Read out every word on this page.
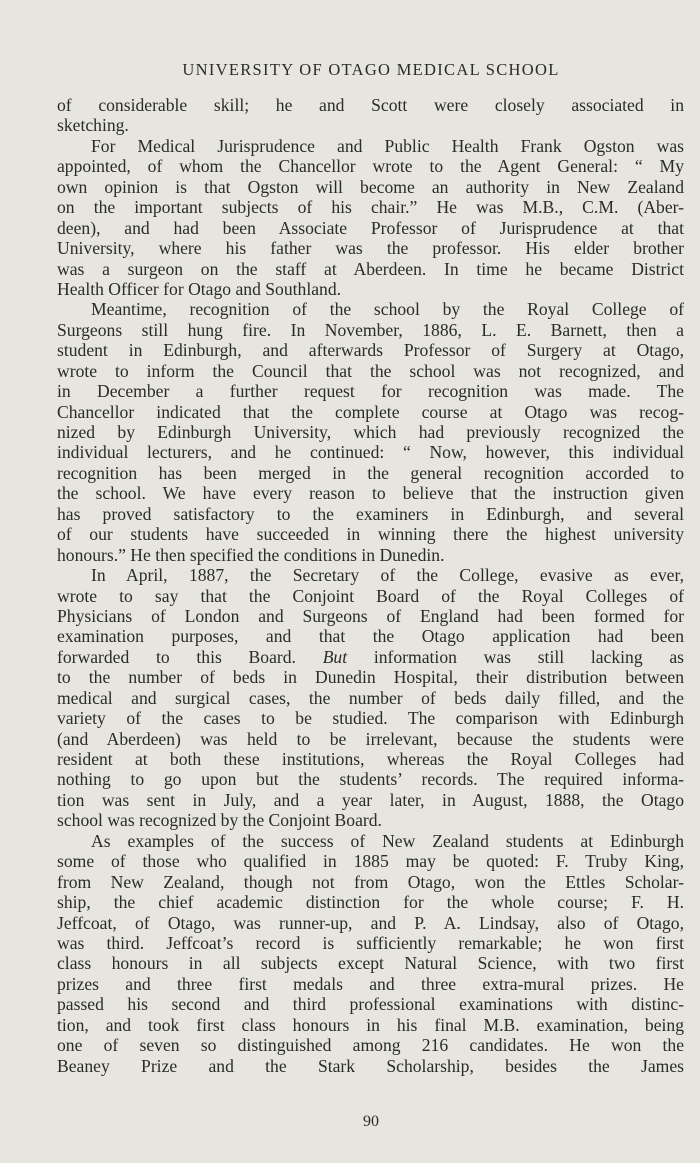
UNIVERSITY OF OTAGO MEDICAL SCHOOL
of considerable skill; he and Scott were closely associated in
sketching.
For Medical Jurisprudence and Public Health Frank Ogston was
appointed, of whom the Chancellor wrote to the Agent General: “ My
own opinion is that Ogston will become an authority in New Zealand
on the important subjects of his chair.” He was M.B., C.M. (Aber-
deen), and had been Associate Professor of Jurisprudence at that
University, where his father was the professor. His elder brother
was a surgeon on the staff at Aberdeen. In time he became District
Health Officer for Otago and Southland.
Meantime, recognition of the school by the Royal College of
Surgeons still hung fire. In November, 1886, L. E. Barnett, then a
student in Edinburgh, and afterwards Professor of Surgery at Otago,
wrote to inform the Council that the school was not recognized, and
in December a further request for recognition was made. The
Chancellor indicated that the complete course at Otago was recog-
nized by Edinburgh University, which had previously recognized the
individual lecturers, and he continued: “ Now, however, this individual
recognition has been merged in the general recognition accorded to
the school. We have every reason to believe that the instruction given
has proved satisfactory to the examiners in Edinburgh, and several
of our students have succeeded in winning there the highest university
honours.” He then specified the conditions in Dunedin.
In April, 1887, the Secretary of the College, evasive as ever,
wrote to say that the Conjoint Board of the Royal Colleges of
Physicians of London and Surgeons of England had been formed for
examination purposes, and that the Otago application had been
forwarded to this Board. But information was still lacking as
to the number of beds in Dunedin Hospital, their distribution between
medical and surgical cases, the number of beds daily filled, and the
variety of the cases to be studied. The comparison with Edinburgh
(and Aberdeen) was held to be irrelevant, because the students were
resident at both these institutions, whereas the Royal Colleges had
nothing to go upon but the students’ records. The required informa-
tion was sent in July, and a year later, in August, 1888, the Otago
school was recognized by the Conjoint Board.
As examples of the success of New Zealand students at Edinburgh
some of those who qualified in 1885 may be quoted: F. Truby King,
from New Zealand, though not from Otago, won the Ettles Scholar-
ship, the chief academic distinction for the whole course; F. H.
Jeffcoat, of Otago, was runner-up, and P. A. Lindsay, also of Otago,
was third. Jeffcoat’s record is sufficiently remarkable; he won first
class honours in all subjects except Natural Science, with two first
prizes and three first medals and three extra-mural prizes. He
passed his second and third professional examinations with distinc-
tion, and took first class honours in his final M.B. examination, being
one of seven so distinguished among 216 candidates. He won the
Beaney Prize and the Stark Scholarship, besides the James
90
